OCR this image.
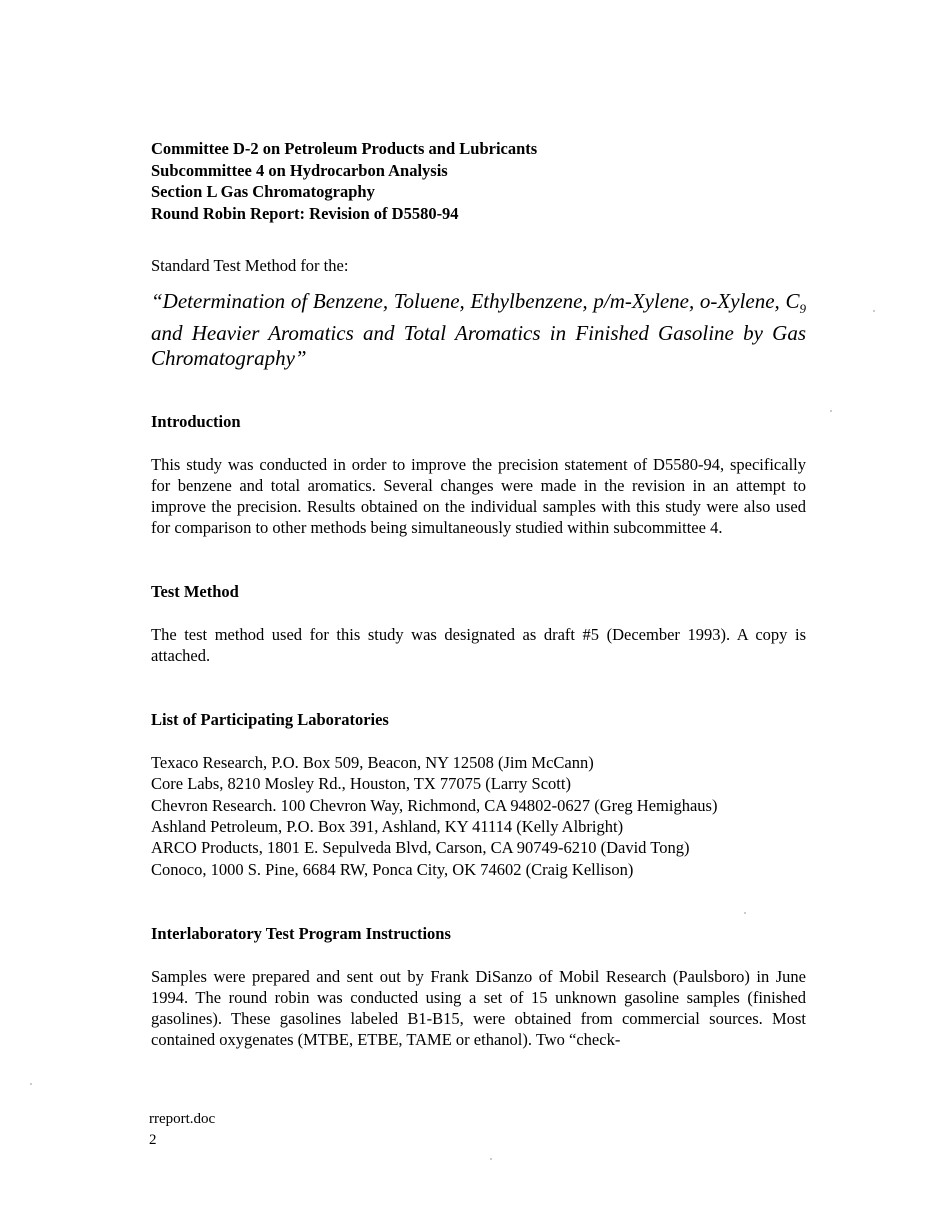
Committee D-2 on Petroleum Products and Lubricants
Subcommittee 4 on Hydrocarbon Analysis
Section L Gas Chromatography
Round Robin Report: Revision of D5580-94
Standard Test Method for the:
“Determination of Benzene, Toluene, Ethylbenzene, p/m-Xylene, o-Xylene, $C_9$ and Heavier Aromatics and Total Aromatics in Finished Gasoline by Gas Chromatography”
Introduction
This study was conducted in order to improve the precision statement of D5580-94, specifically for benzene and total aromatics. Several changes were made in the revision in an attempt to improve the precision. Results obtained on the individual samples with this study were also used for comparison to other methods being simultaneously studied within subcommittee 4.
Test Method
The test method used for this study was designated as draft #5 (December 1993). A copy is attached.
List of Participating Laboratories
Texaco Research, P.O. Box 509, Beacon, NY 12508 (Jim McCann)
Core Labs, 8210 Mosley Rd., Houston, TX 77075 (Larry Scott)
Chevron Research. 100 Chevron Way, Richmond, CA 94802-0627 (Greg Hemighaus)
Ashland Petroleum, P.O. Box 391, Ashland, KY 41114 (Kelly Albright)
ARCO Products, 1801 E. Sepulveda Blvd, Carson, CA 90749-6210 (David Tong)
Conoco, 1000 S. Pine, 6684 RW, Ponca City, OK 74602 (Craig Kellison)
Interlaboratory Test Program Instructions
Samples were prepared and sent out by Frank DiSanzo of Mobil Research (Paulsboro) in June 1994. The round robin was conducted using a set of 15 unknown gasoline samples (finished gasolines). These gasolines labeled B1-B15, were obtained from commercial sources. Most contained oxygenates (MTBE, ETBE, TAME or ethanol). Two “check-
rreport.doc
2
